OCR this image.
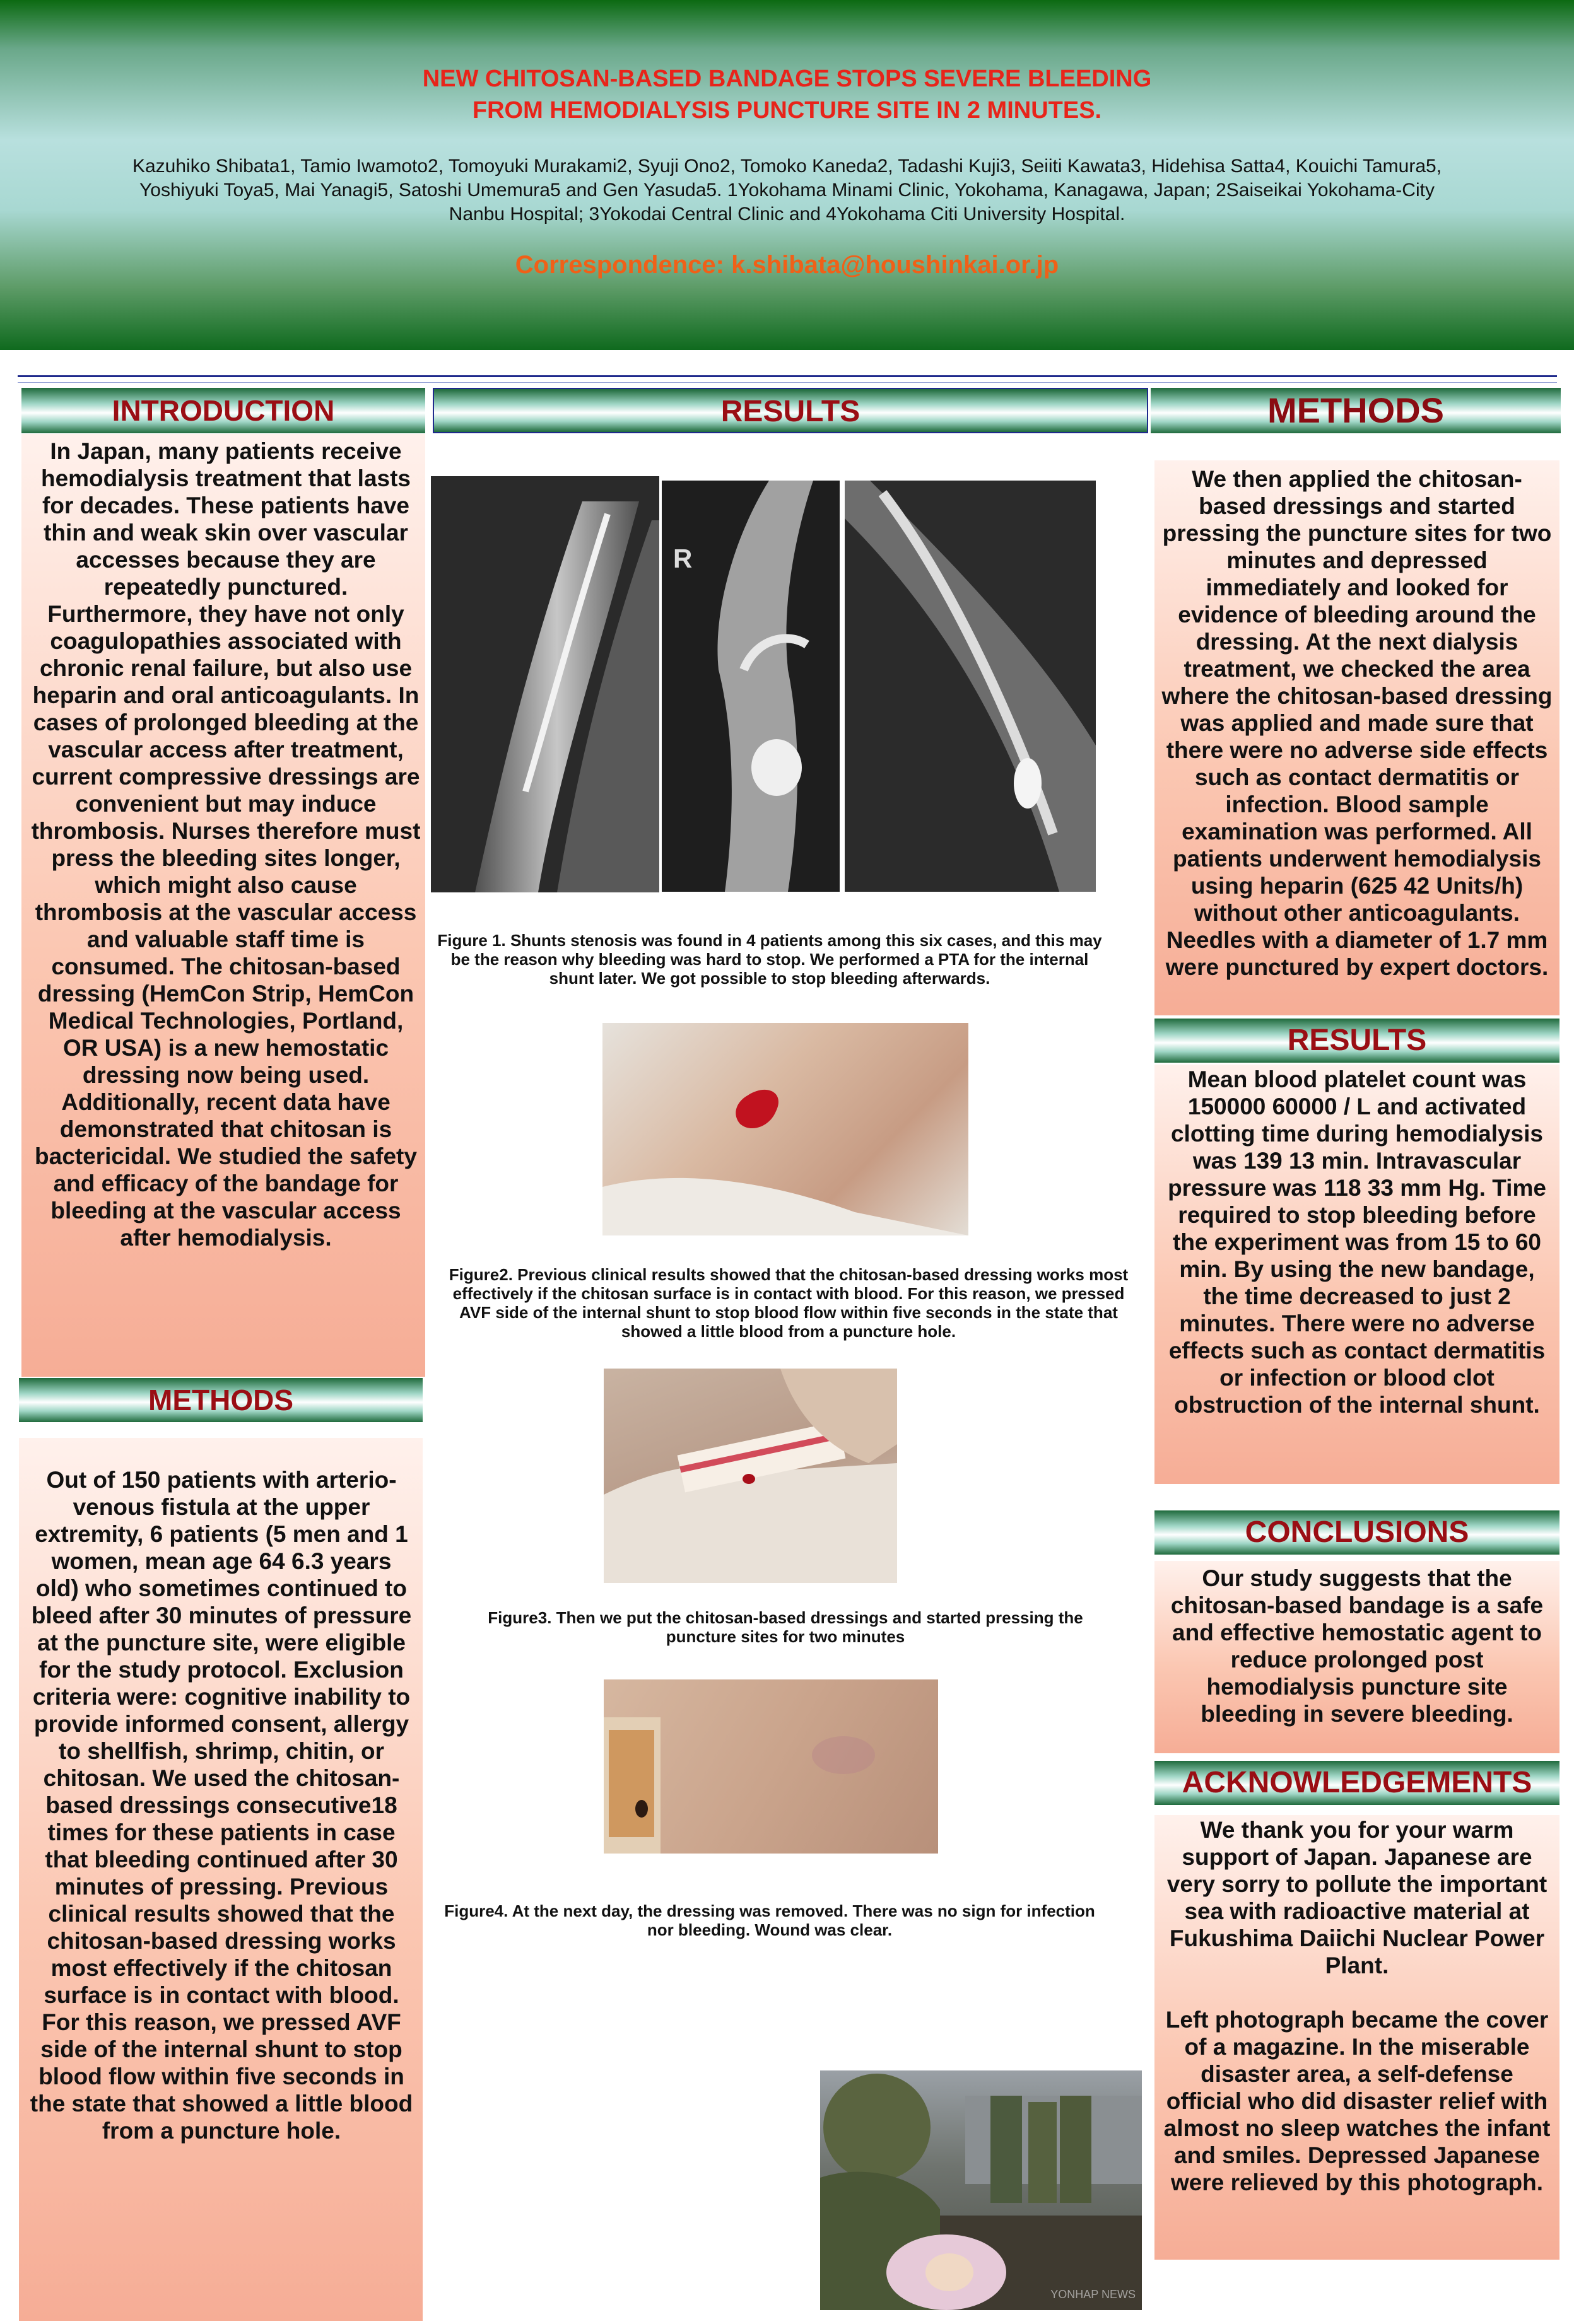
NEW CHITOSAN-BASED BANDAGE STOPS SEVERE BLEEDING
FROM HEMODIALYSIS PUNCTURE SITE IN 2 MINUTES.
Kazuhiko Shibata1, Tamio Iwamoto2, Tomoyuki Murakami2, Syuji Ono2, Tomoko Kaneda2, Tadashi Kuji3, Seiiti Kawata3, Hidehisa Satta4, Kouichi Tamura5,
Yoshiyuki Toya5, Mai Yanagi5, Satoshi Umemura5 and Gen Yasuda5. 1Yokohama Minami Clinic, Yokohama, Kanagawa, Japan; 2Saiseikai Yokohama-City
Nanbu Hospital; 3Yokodai Central Clinic and 4Yokohama Citi University Hospital.
Correspondence: k.shibata@houshinkai.or.jp
INTRODUCTION
In Japan, many patients receive hemodialysis treatment that lasts for decades. These patients have thin and weak skin over vascular accesses because they are repeatedly punctured. Furthermore, they have not only coagulopathies associated with chronic renal failure, but also use heparin and oral anticoagulants. In cases of prolonged bleeding at the vascular access after treatment, current compressive dressings are convenient but may induce thrombosis. Nurses therefore must press the bleeding sites longer, which might also cause thrombosis at the vascular access and valuable staff time is consumed. The chitosan-based dressing (HemCon Strip, HemCon Medical Technologies, Portland, OR USA) is a new hemostatic dressing now being used. Additionally, recent data have demonstrated that chitosan is bactericidal. We studied the safety and efficacy of the bandage for bleeding at the vascular access after hemodialysis.
METHODS
Out of 150 patients with arterio-venous fistula at the upper extremity, 6 patients (5 men and 1 women, mean age 64 6.3 years old) who sometimes continued to bleed after 30 minutes of pressure at the puncture site, were eligible for the study protocol. Exclusion criteria were: cognitive inability to provide informed consent, allergy to shellfish, shrimp, chitin, or chitosan. We used the chitosan-based dressings consecutive18 times for these patients in case that bleeding continued after 30 minutes of pressing. Previous clinical results showed that the chitosan-based dressing works most effectively if the chitosan surface is in contact with blood. For this reason, we pressed AVF side of the internal shunt to stop blood flow within five seconds in the state that showed a little blood from a puncture hole.
RESULTS
R
Figure 1. Shunts stenosis was found in 4 patients among this six cases, and this may be the reason why bleeding was hard to stop. We performed a PTA for the internal shunt later. We got possible to stop bleeding afterwards.
Figure2. Previous clinical results showed that the chitosan-based dressing works most effectively if the chitosan surface is in contact with blood. For this reason, we pressed AVF side of the internal shunt to stop blood flow within five seconds in the state that showed a little blood from a puncture hole.
Figure3. Then we put the chitosan-based dressings and started pressing the puncture sites for two minutes
Figure4. At the next day, the dressing was removed. There was no sign for infection nor bleeding. Wound was clear.
YONHAP NEWS
METHODS
We then applied the chitosan-based dressings and started pressing the puncture sites for two minutes and depressed immediately and looked for evidence of bleeding around the dressing. At the next dialysis treatment, we checked the area where the chitosan-based dressing was applied and made sure that there were no adverse side effects such as contact dermatitis or infection. Blood sample examination was performed. All patients underwent hemodialysis using heparin (625 42 Units/h) without other anticoagulants. Needles with a diameter of 1.7 mm were punctured by expert doctors.
RESULTS
Mean blood platelet count was 150000 60000 / L and activated clotting time during hemodialysis was 139 13 min. Intravascular pressure was 118 33 mm Hg. Time required to stop bleeding before the experiment was from 15 to 60 min. By using the new bandage, the time decreased to just 2 minutes. There were no adverse effects such as contact dermatitis or infection or blood clot obstruction of the internal shunt.
CONCLUSIONS
Our study suggests that the chitosan-based bandage is a safe and effective hemostatic agent to reduce prolonged post hemodialysis puncture site bleeding in severe bleeding.
ACKNOWLEDGEMENTS
We thank you for your warm support of Japan. Japanese are very sorry to pollute the important sea with radioactive material at Fukushima Daiichi Nuclear Power Plant.
Left photograph became the cover of a magazine. In the miserable disaster area, a self-defense official who did disaster relief with almost no sleep watches the infant and smiles. Depressed Japanese were relieved by this photograph.
